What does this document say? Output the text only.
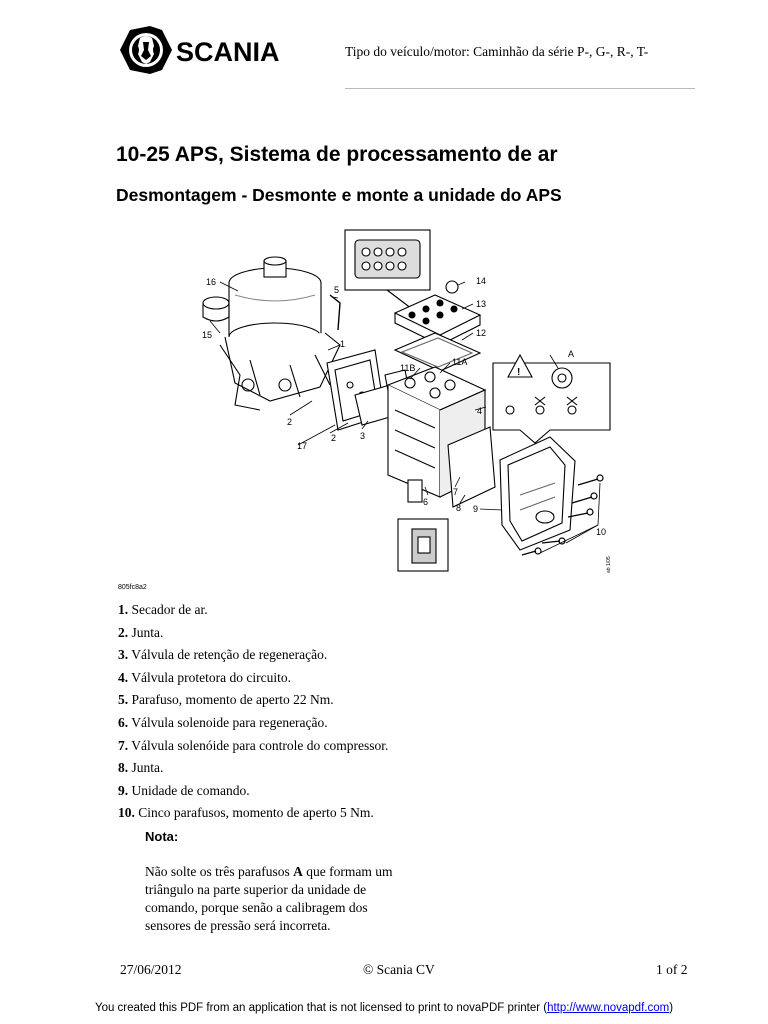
SCANIA	Tipo do veículo/motor: Caminhão da série P-, G-, R-, T-
10-25 APS, Sistema de processamento de ar
Desmontagem - Desmonte e monte a unidade do APS
!
16
15
5
1
2
17
2	3
14
13
12
11B
11A
4
6
7
8 9
10
A
ab 1/05
805fc8a2
1. Secador de ar.
2. Junta.
3. Válvula de retenção de regeneração.
4. Válvula protetora do circuito.
5. Parafuso, momento de aperto 22 Nm.
6. Válvula solenoide para regeneração.
7. Válvula solenóide para controle do compressor.
8. Junta.
9. Unidade de comando.
10. Cinco parafusos, momento de aperto 5 Nm.
Nota:
Não solte os três parafusos A que formam um triângulo na parte superior da unidade de comando, porque senão a calibragem dos sensores de pressão será incorreta.
27/06/2012	© Scania CV	1 of 2
You created this PDF from an application that is not licensed to print to novaPDF printer (http://www.novapdf.com)
